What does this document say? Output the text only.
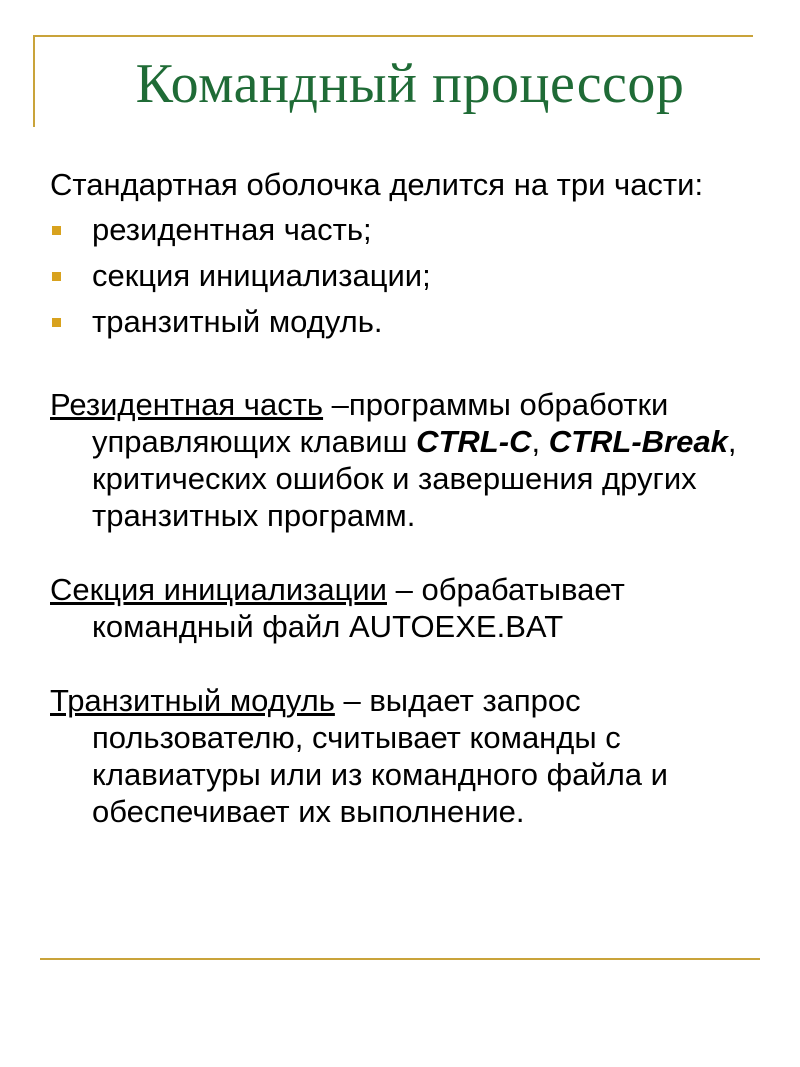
Командный процессор

Стандартная оболочка делится на три части:

резидентная часть;
секция инициализации;
транзитный модуль.

Резидентная часть –программы обработки управляющих клавиш CTRL-C, CTRL-Break, критических ошибок и завершения других транзитных программ.

Секция инициализации – обрабатывает командный файл AUTOEXE.BAT

Транзитный модуль – выдает запрос пользователю, считывает команды с клавиатуры или из командного файла и обеспечивает их выполнение.
